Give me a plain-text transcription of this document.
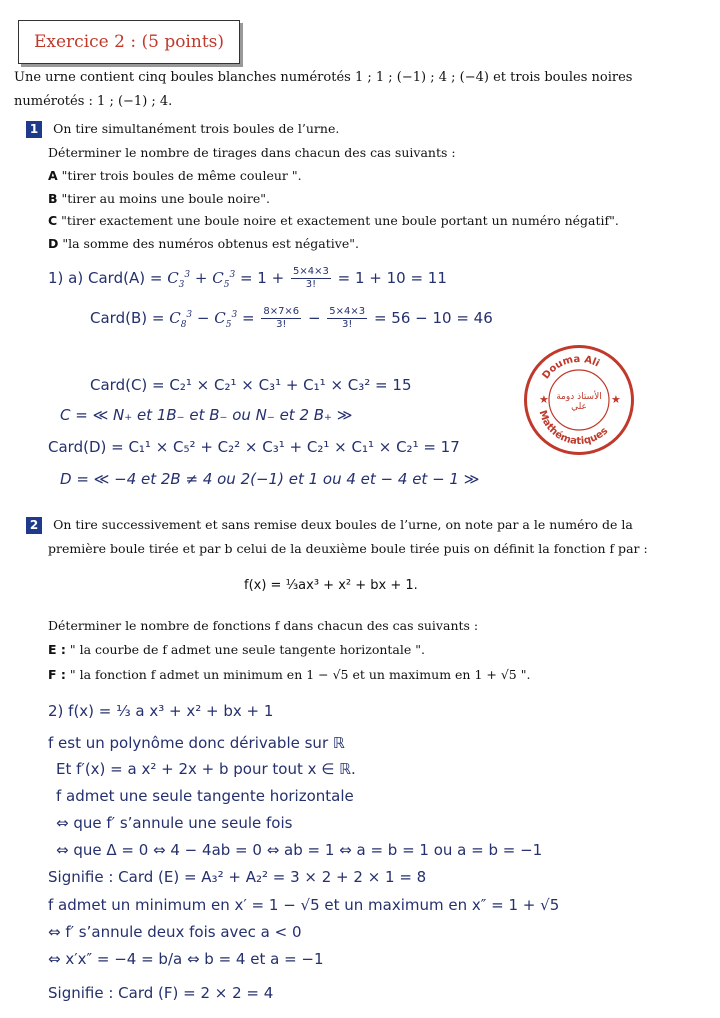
Exercice 2 : (5 points)
Une urne contient cinq boules blanches numérotés 1 ; 1 ; (−1) ; 4 ; (−4) et trois boules noires
numérotés : 1 ; (−1) ; 4.
1 On tire simultanément trois boules de l’urne.
Déterminer le nombre de tirages dans chacun des cas suivants :
A "tirer trois boules de même couleur ".
B "tirer au moins une boule noire".
C "tirer exactement une boule noire et exactement une boule portant un numéro négatif".
D "la somme des numéros obtenus est négative".
1) a) Card(A) = $C_3^3 + C_5^3 = 1 + \frac{5\times 4\times 3}{3!} = 1 + 10 = 11$
Card(B) = $C_8^3 - C_5^3 = \frac{8\times 7\times 6}{3!} - \frac{5\times 4\times 3}{3!} = 56 - 10 = 46$
Card(C) = C₂¹ × C₂¹ × C₃¹ + C₁¹ × C₃² = 15
C = ≪ N₊ et 1B₋ et B₋ ou N₋ et 2 B₊ ≫
Card(D) = C₁¹ × C₅² + C₂² × C₃¹ + C₂¹ × C₁¹ × C₂¹ = 17
D = ≪ −4 et 2B ≠ 4 ou 2(−1) et 1 ou 4 et − 4 et − 1 ≫
Douma Ali
Mathématiques
★	★
الأستاذ دومة علي
2 On tire successivement et sans remise deux boules de l’urne, on note par a le numéro de la
première boule tirée et par b celui de la deuxième boule tirée puis on définit la fonction f par :
f(x) = ⅓ax³ + x² + bx + 1.
Déterminer le nombre de fonctions f dans chacun des cas suivants :
E : " la courbe de f admet une seule tangente horizontale ".
F : " la fonction f admet un minimum en 1 − √5 et un maximum en 1 + √5 ".
2) f(x) = ⅓ a x³ + x² + bx + 1
f est un polynôme donc dérivable sur ℝ
Et f′(x) = a x² + 2x + b pour tout x ∈ ℝ.
f admet une seule tangente horizontale
⇔ que f′ s’annule une seule fois
⇔ que Δ = 0 ⇔ 4 − 4ab = 0 ⇔ ab = 1 ⇔ a = b = 1 ou a = b = −1
Signifie : Card (E) = A₃² + A₂² = 3 × 2 + 2 × 1 = 8
f admet un minimum en x′ = 1 − √5 et un maximum en x″ = 1 + √5
⇔ f′ s’annule deux fois avec a < 0
⇔ x′x″ = −4 = b/a ⇔ b = 4 et a = −1
Signifie : Card (F) = 2 × 2 = 4
